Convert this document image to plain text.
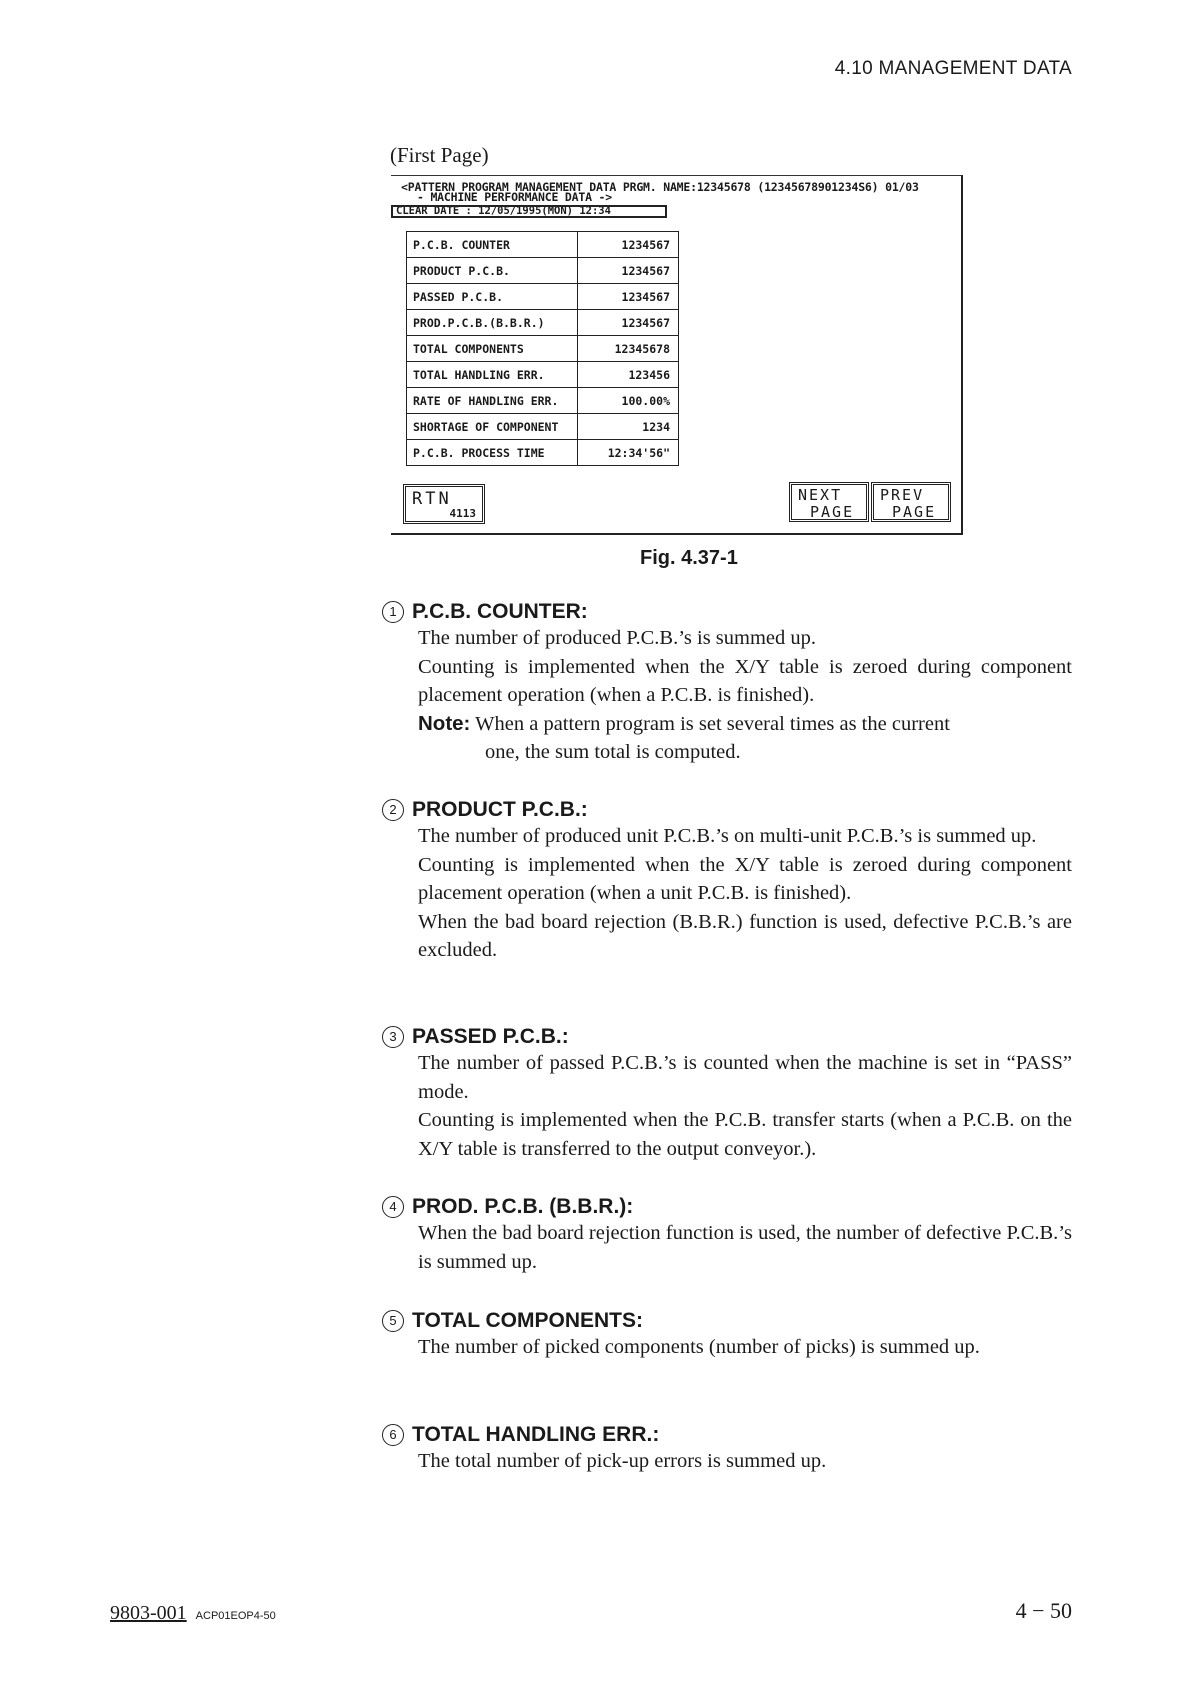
4.10 MANAGEMENT DATA
(First Page)
<PATTERN PROGRAM MANAGEMENT DATA PRGM. NAME:12345678 (12345678901234S6) 01/03
- MACHINE PERFORMANCE DATA ->
CLEAR DATE : 12/05/1995(MON) 12:34
P.C.B. COUNTER	1234567
PRODUCT P.C.B.	1234567
PASSED P.C.B.	1234567
PROD.P.C.B.(B.B.R.)	1234567
TOTAL COMPONENTS	12345678
TOTAL HANDLING ERR.	123456
RATE OF HANDLING ERR.	100.00%
SHORTAGE OF COMPONENT	1234
P.C.B. PROCESS TIME	12:34'56"
RTN
4113
NEXT
PAGE
PREV
PAGE
Fig. 4.37-1
1 P.C.B. COUNTER:

The number of produced P.C.B.’s is summed up.

Counting is implemented when the X/Y table is zeroed during component placement operation (when a P.C.B. is finished).

Note: When a pattern program is set several times as the current
one, the sum total is computed.
2 PRODUCT P.C.B.:

The number of produced unit P.C.B.’s on multi-unit P.C.B.’s is summed up.

Counting is implemented when the X/Y table is zeroed during component placement operation (when a unit P.C.B. is finished).

When the bad board rejection (B.B.R.) function is used, defective P.C.B.’s are excluded.

3 PASSED P.C.B.:

The number of passed P.C.B.’s is counted when the machine is set in “PASS” mode.

Counting is implemented when the P.C.B. transfer starts (when a P.C.B. on the X/Y table is transferred to the output conveyor.).

4 PROD. P.C.B. (B.B.R.):

When the bad board rejection function is used, the number of defective P.C.B.’s is summed up.

5 TOTAL COMPONENTS:

The number of picked components (number of picks) is summed up.

6 TOTAL HANDLING ERR.:

The total number of pick-up errors is summed up.

9803-001 ACP01EOP4-50	4 − 50
